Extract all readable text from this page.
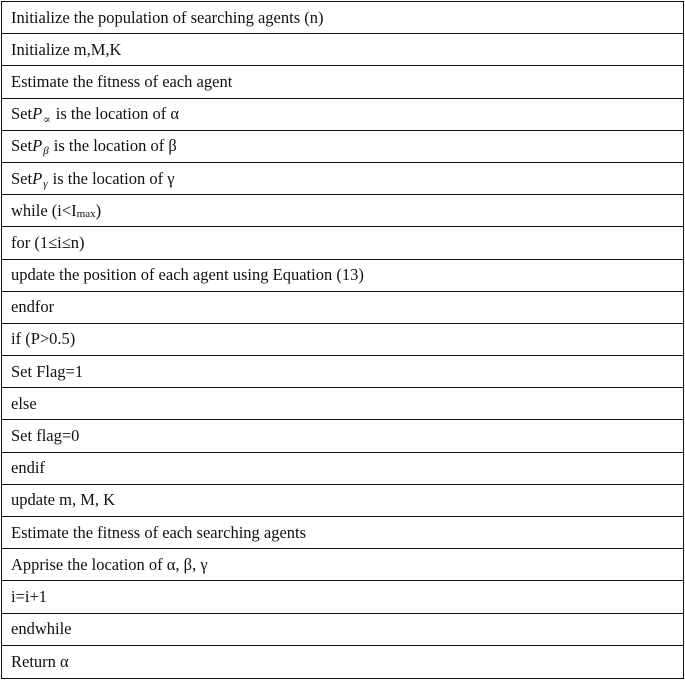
Initialize the population of searching agents (n)
Initialize m,M,K
Estimate the fitness of each agent
Set P ∝ is the location of α
Set P β is the location of β
Set P γ is the location of γ
while (i<I max )
for (1≤i≤n)
update the position of each agent using Equation (13)
endfor
if (P>0.5)
Set Flag=1
else
Set flag=0
endif
update m, M, K
Estimate the fitness of each searching agents
Apprise the location of α, β, γ
i=i+1
endwhile
Return α
